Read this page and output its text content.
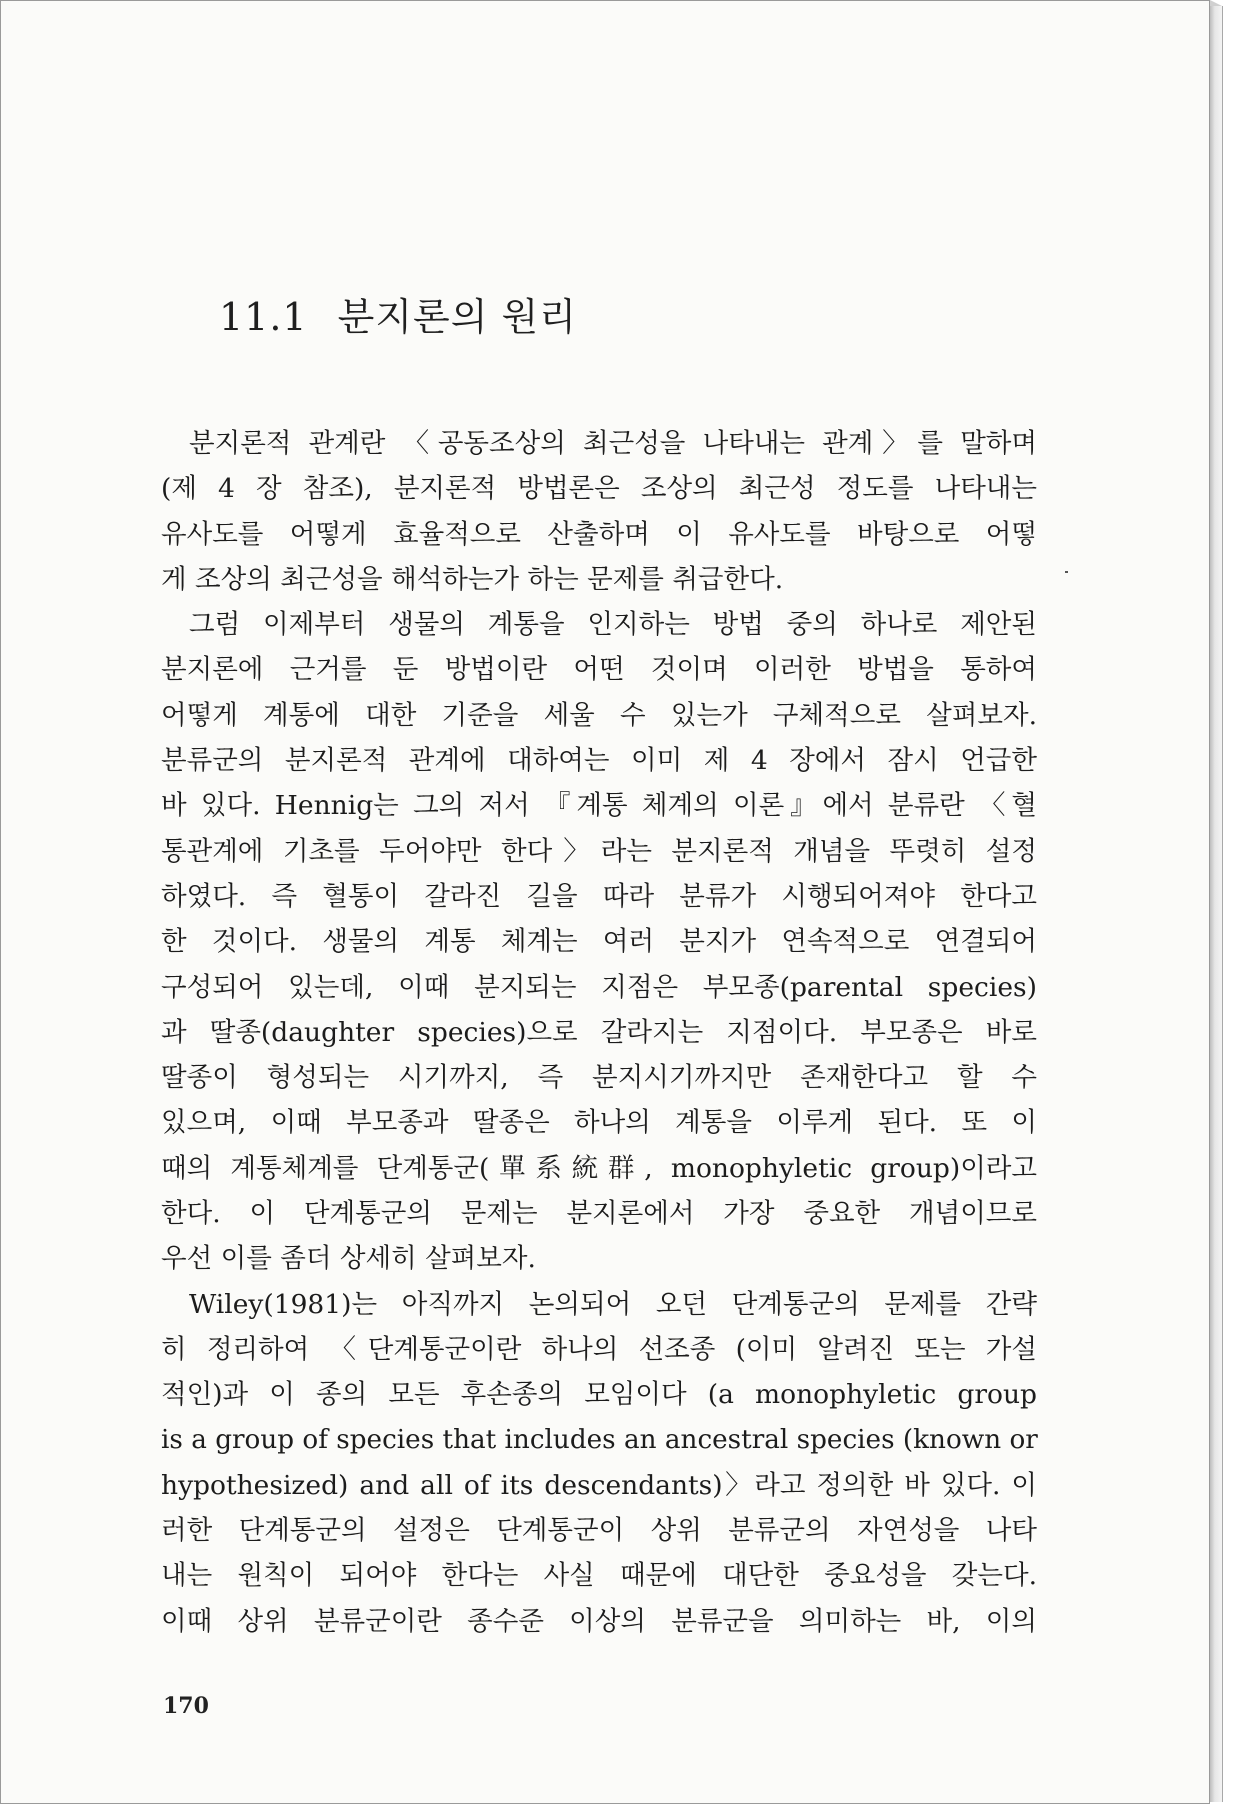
11.1 분지론의 원리
분지론적 관계란 〈공동조상의 최근성을 나타내는 관계〉를 말하며
(제 4 장 참조), 분지론적 방법론은 조상의 최근성 정도를 나타내는
유사도를 어떻게 효율적으로 산출하며 이 유사도를 바탕으로 어떻
게 조상의 최근성을 해석하는가 하는 문제를 취급한다.
그럼 이제부터 생물의 계통을 인지하는 방법 중의 하나로 제안된
분지론에 근거를 둔 방법이란 어떤 것이며 이러한 방법을 통하여
어떻게 계통에 대한 기준을 세울 수 있는가 구체적으로 살펴보자.
분류군의 분지론적 관계에 대하여는 이미 제 4 장에서 잠시 언급한
바 있다. Hennig는 그의 저서 『계통 체계의 이론』에서 분류란 〈혈
통관계에 기초를 두어야만 한다〉라는 분지론적 개념을 뚜렷히 설정
하였다. 즉 혈통이 갈라진 길을 따라 분류가 시행되어져야 한다고
한 것이다. 생물의 계통 체계는 여러 분지가 연속적으로 연결되어
구성되어 있는데, 이때 분지되는 지점은 부모종(parental species)
과 딸종(daughter species)으로 갈라지는 지점이다. 부모종은 바로
딸종이 형성되는 시기까지, 즉 분지시기까지만 존재한다고 할 수
있으며, 이때 부모종과 딸종은 하나의 계통을 이루게 된다. 또 이
때의 계통체계를 단계통군(單系統群, monophyletic group)이라고
한다. 이 단계통군의 문제는 분지론에서 가장 중요한 개념이므로
우선 이를 좀더 상세히 살펴보자.
Wiley(1981)는 아직까지 논의되어 오던 단계통군의 문제를 간략
히 정리하여 〈단계통군이란 하나의 선조종 (이미 알려진 또는 가설
적인)과 이 종의 모든 후손종의 모임이다 (a monophyletic group
is a group of species that includes an ancestral species (known or
hypothesized) and all of its descendants)〉라고 정의한 바 있다. 이
러한 단계통군의 설정은 단계통군이 상위 분류군의 자연성을 나타
내는 원칙이 되어야 한다는 사실 때문에 대단한 중요성을 갖는다.
이때 상위 분류군이란 종수준 이상의 분류군을 의미하는 바, 이의
170
